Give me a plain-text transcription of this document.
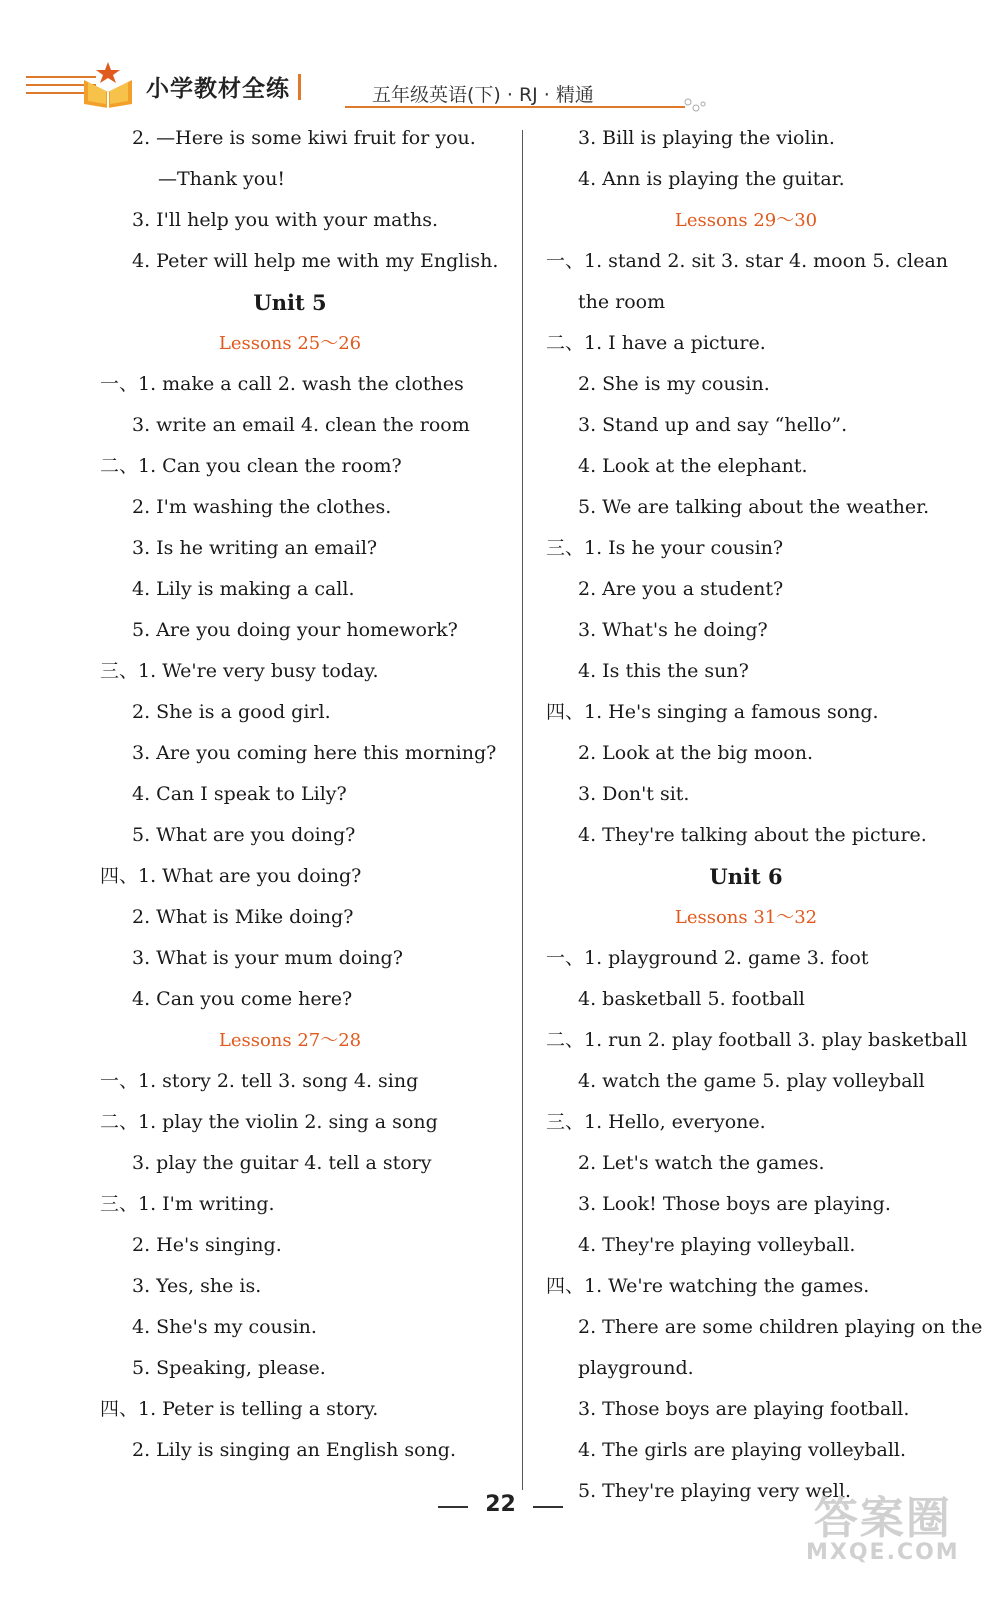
小学教材全练	五年级英语(下) · RJ · 精通
2. —Here is some kiwi fruit for you.
—Thank you!
3. I'll help you with your maths.
4. Peter will help me with my English.
Unit 5
Lessons 25～26
一、1. make a call 2. wash the clothes
3. write an email 4. clean the room
二、1. Can you clean the room?
2. I'm washing the clothes.
3. Is he writing an email?
4. Lily is making a call.
5. Are you doing your homework?
三、1. We're very busy today.
2. She is a good girl.
3. Are you coming here this morning?
4. Can I speak to Lily?
5. What are you doing?
四、1. What are you doing?
2. What is Mike doing?
3. What is your mum doing?
4. Can you come here?
Lessons 27～28
一、1. story 2. tell 3. song 4. sing
二、1. play the violin 2. sing a song
3. play the guitar 4. tell a story
三、1. I'm writing.
2. He's singing.
3. Yes, she is.
4. She's my cousin.
5. Speaking, please.
四、1. Peter is telling a story.
2. Lily is singing an English song.
3. Bill is playing the violin.
4. Ann is playing the guitar.
Lessons 29～30
一、1. stand 2. sit 3. star 4. moon 5. clean
the room
二、1. I have a picture.
2. She is my cousin.
3. Stand up and say “hello”.
4. Look at the elephant.
5. We are talking about the weather.
三、1. Is he your cousin?
2. Are you a student?
3. What's he doing?
4. Is this the sun?
四、1. He's singing a famous song.
2. Look at the big moon.
3. Don't sit.
4. They're talking about the picture.
Unit 6
Lessons 31～32
一、1. playground 2. game 3. foot
4. basketball 5. football
二、1. run 2. play football 3. play basketball
4. watch the game 5. play volleyball
三、1. Hello, everyone.
2. Let's watch the games.
3. Look! Those boys are playing.
4. They're playing volleyball.
四、1. We're watching the games.
2. There are some children playing on the
playground.
3. Those boys are playing football.
4. The girls are playing volleyball.
5. They're playing very well.
22	答案圈
MXQE.COM
